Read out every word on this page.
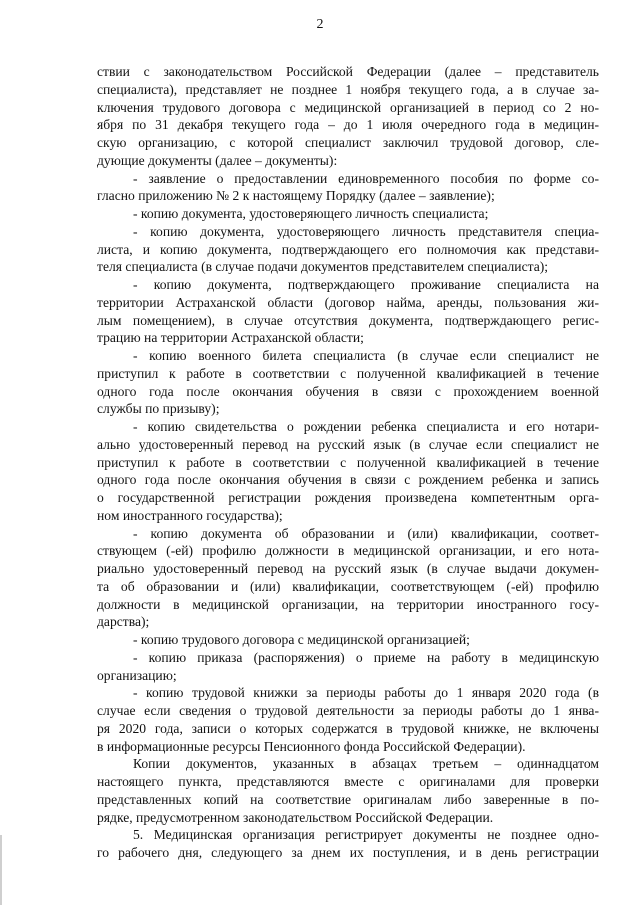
2
ствии с законодательством Российской Федерации (далее – представитель
специалиста), представляет не позднее 1 ноября текущего года, а в случае за-
ключения трудового договора с медицинской организацией в период со 2 но-
ября по 31 декабря текущего года – до 1 июля очередного года в медицин-
скую организацию, с которой специалист заключил трудовой договор, сле-
дующие документы (далее – документы):
- заявление о предоставлении единовременного пособия по форме со-
гласно приложению № 2 к настоящему Порядку (далее – заявление);
- копию документа, удостоверяющего личность специалиста;
- копию документа, удостоверяющего личность представителя специа-
листа, и копию документа, подтверждающего его полномочия как представи-
теля специалиста (в случае подачи документов представителем специалиста);
- копию документа, подтверждающего проживание специалиста на
территории Астраханской области (договор найма, аренды, пользования жи-
лым помещением), в случае отсутствия документа, подтверждающего регис-
трацию на территории Астраханской области;
- копию военного билета специалиста (в случае если специалист не
приступил к работе в соответствии с полученной квалификацией в течение
одного года после окончания обучения в связи с прохождением военной
службы по призыву);
- копию свидетельства о рождении ребенка специалиста и его нотари-
ально удостоверенный перевод на русский язык (в случае если специалист не
приступил к работе в соответствии с полученной квалификацией в течение
одного года после окончания обучения в связи с рождением ребенка и запись
о государственной регистрации рождения произведена компетентным орга-
ном иностранного государства);
- копию документа об образовании и (или) квалификации, соответ-
ствующем (-ей) профилю должности в медицинской организации, и его нота-
риально удостоверенный перевод на русский язык (в случае выдачи докумен-
та об образовании и (или) квалификации, соответствующем (-ей) профилю
должности в медицинской организации, на территории иностранного госу-
дарства);
- копию трудового договора с медицинской организацией;
- копию приказа (распоряжения) о приеме на работу в медицинскую
организацию;
- копию трудовой книжки за периоды работы до 1 января 2020 года (в
случае если сведения о трудовой деятельности за периоды работы до 1 янва-
ря 2020 года, записи о которых содержатся в трудовой книжке, не включены
в информационные ресурсы Пенсионного фонда Российской Федерации).
Копии документов, указанных в абзацах третьем – одиннадцатом
настоящего пункта, представляются вместе с оригиналами для проверки
представленных копий на соответствие оригиналам либо заверенные в по-
рядке, предусмотренном законодательством Российской Федерации.
5. Медицинская организация регистрирует документы не позднее одно-
го рабочего дня, следующего за днем их поступления, и в день регистрации
